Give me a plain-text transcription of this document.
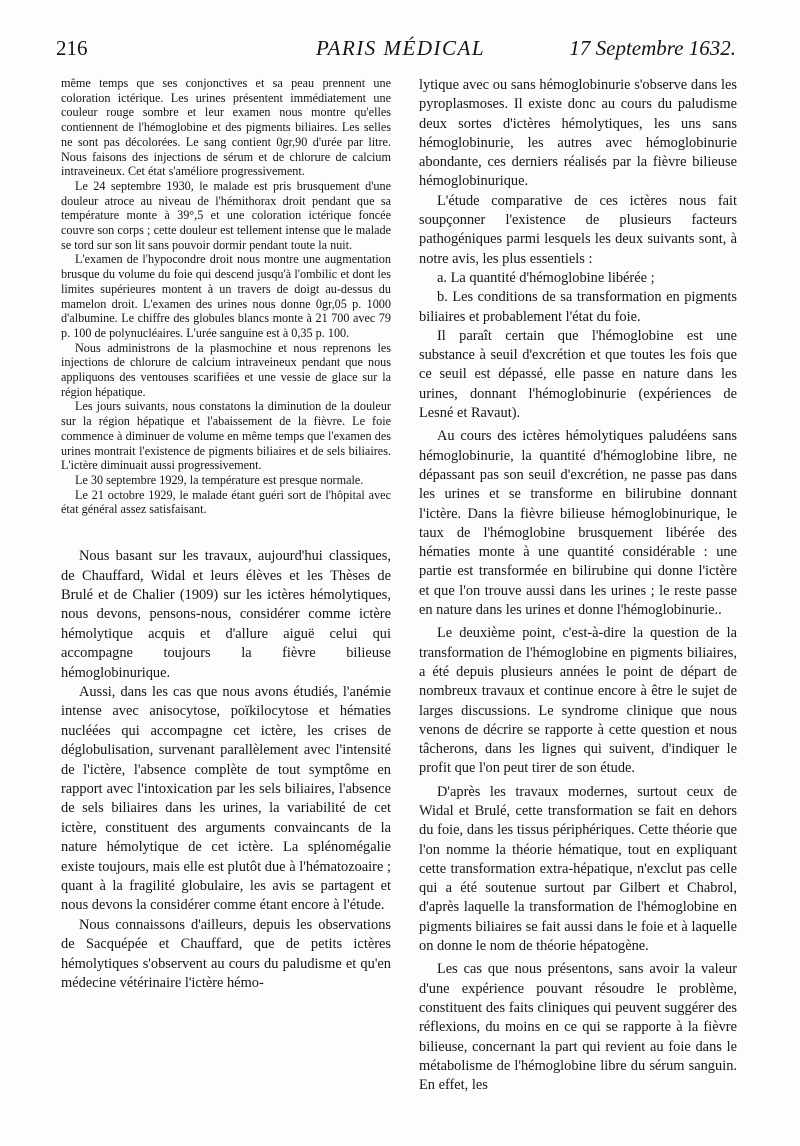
216	PARIS MÉDICAL	17 Septembre 1632.

même temps que ses conjonctives et sa peau prennent une coloration ictérique. Les urines présentent immédiatement une couleur rouge sombre et leur examen nous montre qu'elles contiennent de l'hémoglobine et des pigments biliaires. Les selles ne sont pas décolorées. Le sang contient 0gr,90 d'urée par litre. Nous faisons des injections de sérum et de chlorure de calcium intraveineux. Cet état s'améliore progressivement.

Le 24 septembre 1930, le malade est pris brusquement d'une douleur atroce au niveau de l'hémithorax droit pendant que sa température monte à 39°,5 et une coloration ictérique foncée couvre son corps ; cette douleur est tellement intense que le malade se tord sur son lit sans pouvoir dormir pendant toute la nuit.

L'examen de l'hypocondre droit nous montre une augmentation brusque du volume du foie qui descend jusqu'à l'ombilic et dont les limites supérieures montent à un travers de doigt au-dessus du mamelon droit. L'examen des urines nous donne 0gr,05 p. 1000 d'albumine. Le chiffre des globules blancs monte à 21 700 avec 79 p. 100 de polynucléaires. L'urée sanguine est à 0,35 p. 100.

Nous administrons de la plasmochine et nous reprenons les injections de chlorure de calcium intraveineux pendant que nous appliquons des ventouses scarifiées et une vessie de glace sur la région hépatique.

Les jours suivants, nous constatons la diminution de la douleur sur la région hépatique et l'abaissement de la fièvre. Le foie commence à diminuer de volume en même temps que l'examen des urines montrait l'existence de pigments biliaires et de sels biliaires. L'ictère diminuait aussi progressivement.

Le 30 septembre 1929, la température est presque normale.

Le 21 octobre 1929, le malade étant guéri sort de l'hôpital avec état général assez satisfaisant.

Nous basant sur les travaux, aujourd'hui classiques, de Chauffard, Widal et leurs élèves et les Thèses de Brulé et de Chalier (1909) sur les ictères hémolytiques, nous devons, pensons-nous, considérer comme ictère hémolytique acquis et d'allure aiguë celui qui accompagne toujours la fièvre bilieuse hémoglobinurique.

Aussi, dans les cas que nous avons étudiés, l'anémie intense avec anisocytose, poïkilocytose et hématies nucléées qui accompagne cet ictère, les crises de déglobulisation, survenant parallèlement avec l'intensité de l'ictère, l'absence complète de tout symptôme en rapport avec l'intoxication par les sels biliaires, l'absence de sels biliaires dans les urines, la variabilité de cet ictère, constituent des arguments convaincants de la nature hémolytique de cet ictère. La splénomégalie existe toujours, mais elle est plutôt due à l'hématozoaire ; quant à la fragilité globulaire, les avis se partagent et nous devons la considérer comme étant encore à l'étude.

Nous connaissons d'ailleurs, depuis les observations de Sacquépée et Chauffard, que de petits ictères hémolytiques s'observent au cours du paludisme et qu'en médecine vétérinaire l'ictère hémo-

lytique avec ou sans hémoglobinurie s'observe dans les pyroplasmoses. Il existe donc au cours du paludisme deux sortes d'ictères hémolytiques, les uns sans hémoglobinurie, les autres avec hémoglobinurie abondante, ces derniers réalisés par la fièvre bilieuse hémoglobinurique.

L'étude comparative de ces ictères nous fait soupçonner l'existence de plusieurs facteurs pathogéniques parmi lesquels les deux suivants sont, à notre avis, les plus essentiels :

a. La quantité d'hémoglobine libérée ;

b. Les conditions de sa transformation en pigments biliaires et probablement l'état du foie.

Il paraît certain que l'hémoglobine est une substance à seuil d'excrétion et que toutes les fois que ce seuil est dépassé, elle passe en nature dans les urines, donnant l'hémoglobinurie (expériences de Lesné et Ravaut).

Au cours des ictères hémolytiques paludéens sans hémoglobinurie, la quantité d'hémoglobine libre, ne dépassant pas son seuil d'excrétion, ne passe pas dans les urines et se transforme en bilirubine donnant l'ictère. Dans la fièvre bilieuse hémoglobinurique, le taux de l'hémoglobine brusquement libérée des hématies monte à une quantité considérable : une partie est transformée en bilirubine qui donne l'ictère et que l'on trouve aussi dans les urines ; le reste passe en nature dans les urines et donne l'hémoglobinurie..

Le deuxième point, c'est-à-dire la question de la transformation de l'hémoglobine en pigments biliaires, a été depuis plusieurs années le point de départ de nombreux travaux et continue encore à être le sujet de larges discussions. Le syndrome clinique que nous venons de décrire se rapporte à cette question et nous tâcherons, dans les lignes qui suivent, d'indiquer le profit que l'on peut tirer de son étude.

D'après les travaux modernes, surtout ceux de Widal et Brulé, cette transformation se fait en dehors du foie, dans les tissus périphériques. Cette théorie que l'on nomme la théorie hématique, tout en expliquant cette transformation extra-hépatique, n'exclut pas celle qui a été soutenue surtout par Gilbert et Chabrol, d'après laquelle la transformation de l'hémoglobine en pigments biliaires se fait aussi dans le foie et à laquelle on donne le nom de théorie hépatogène.

Les cas que nous présentons, sans avoir la valeur d'une expérience pouvant résoudre le problème, constituent des faits cliniques qui peuvent suggérer des réflexions, du moins en ce qui se rapporte à la fièvre bilieuse, concernant la part qui revient au foie dans le métabolisme de l'hémoglobine libre du sérum sanguin. En effet, les
